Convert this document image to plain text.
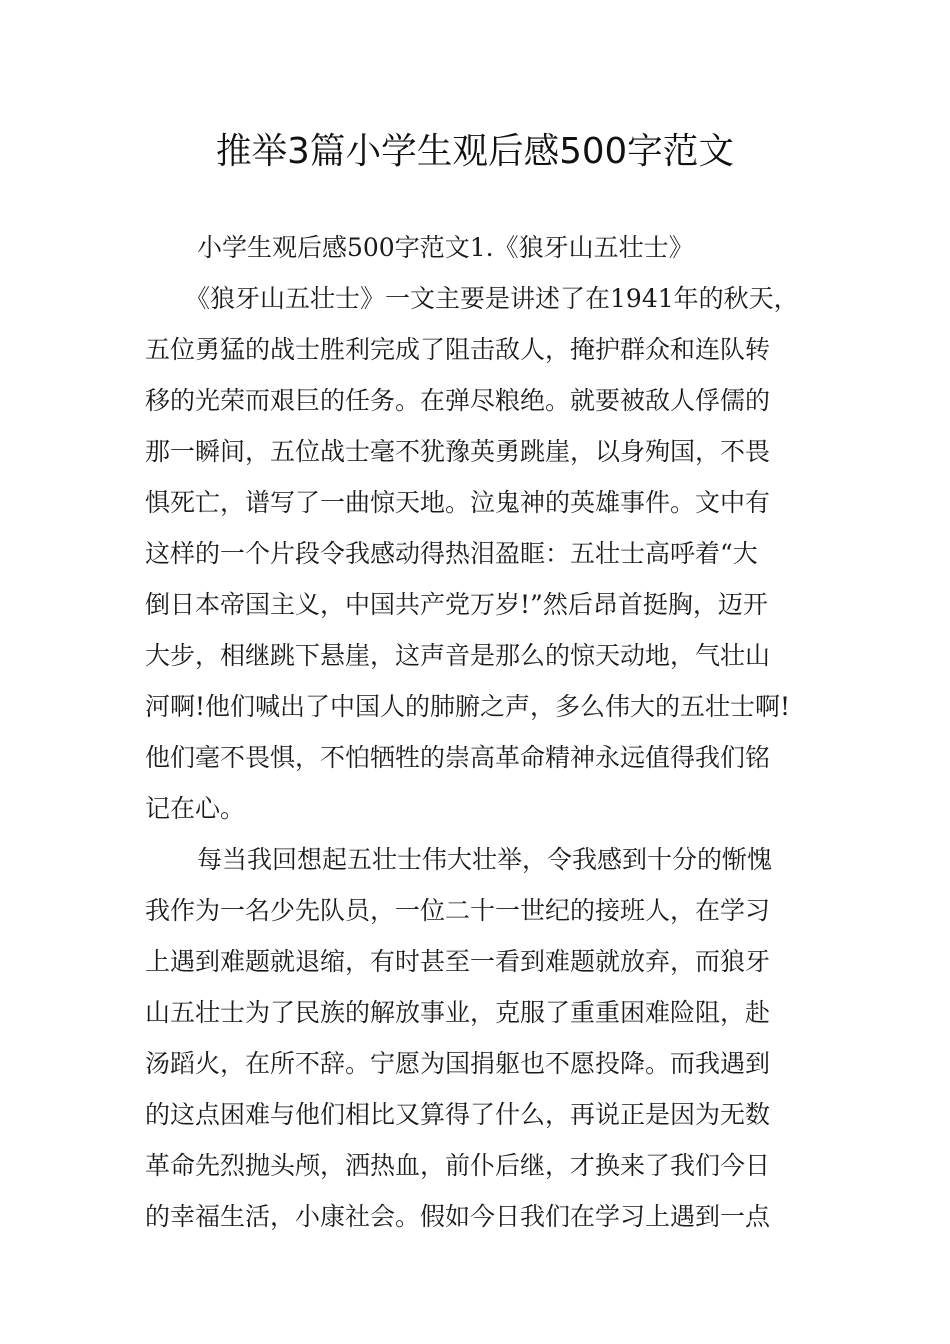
推举3篇小学生观后感500字范文
小学生观后感500字范文1.《狼牙山五壮士》
《狼牙山五壮士》一文主要是讲述了在1941年的秋天，
五位勇猛的战士胜利完成了阻击敌人，掩护群众和连队转
移的光荣而艰巨的任务。在弹尽粮绝。就要被敌人俘儒的
那一瞬间，五位战士毫不犹豫英勇跳崖，以身殉国，不畏
惧死亡，谱写了一曲惊天地。泣鬼神的英雄事件。文中有
这样的一个片段令我感动得热泪盈眶：五壮士高呼着“大
倒日本帝国主义，中国共产党万岁!”然后昂首挺胸，迈开
大步，相继跳下悬崖，这声音是那么的惊天动地，气壮山
河啊!他们喊出了中国人的肺腑之声，多么伟大的五壮士啊!
他们毫不畏惧，不怕牺牲的崇高革命精神永远值得我们铭
记在心。
每当我回想起五壮士伟大壮举，令我感到十分的惭愧
我作为一名少先队员，一位二十一世纪的接班人，在学习
上遇到难题就退缩，有时甚至一看到难题就放弃，而狼牙
山五壮士为了民族的解放事业，克服了重重困难险阻，赴
汤蹈火，在所不辞。宁愿为国捐躯也不愿投降。而我遇到
的这点困难与他们相比又算得了什么，再说正是因为无数
革命先烈抛头颅，洒热血，前仆后继，才换来了我们今日
的幸福生活，小康社会。假如今日我们在学习上遇到一点
